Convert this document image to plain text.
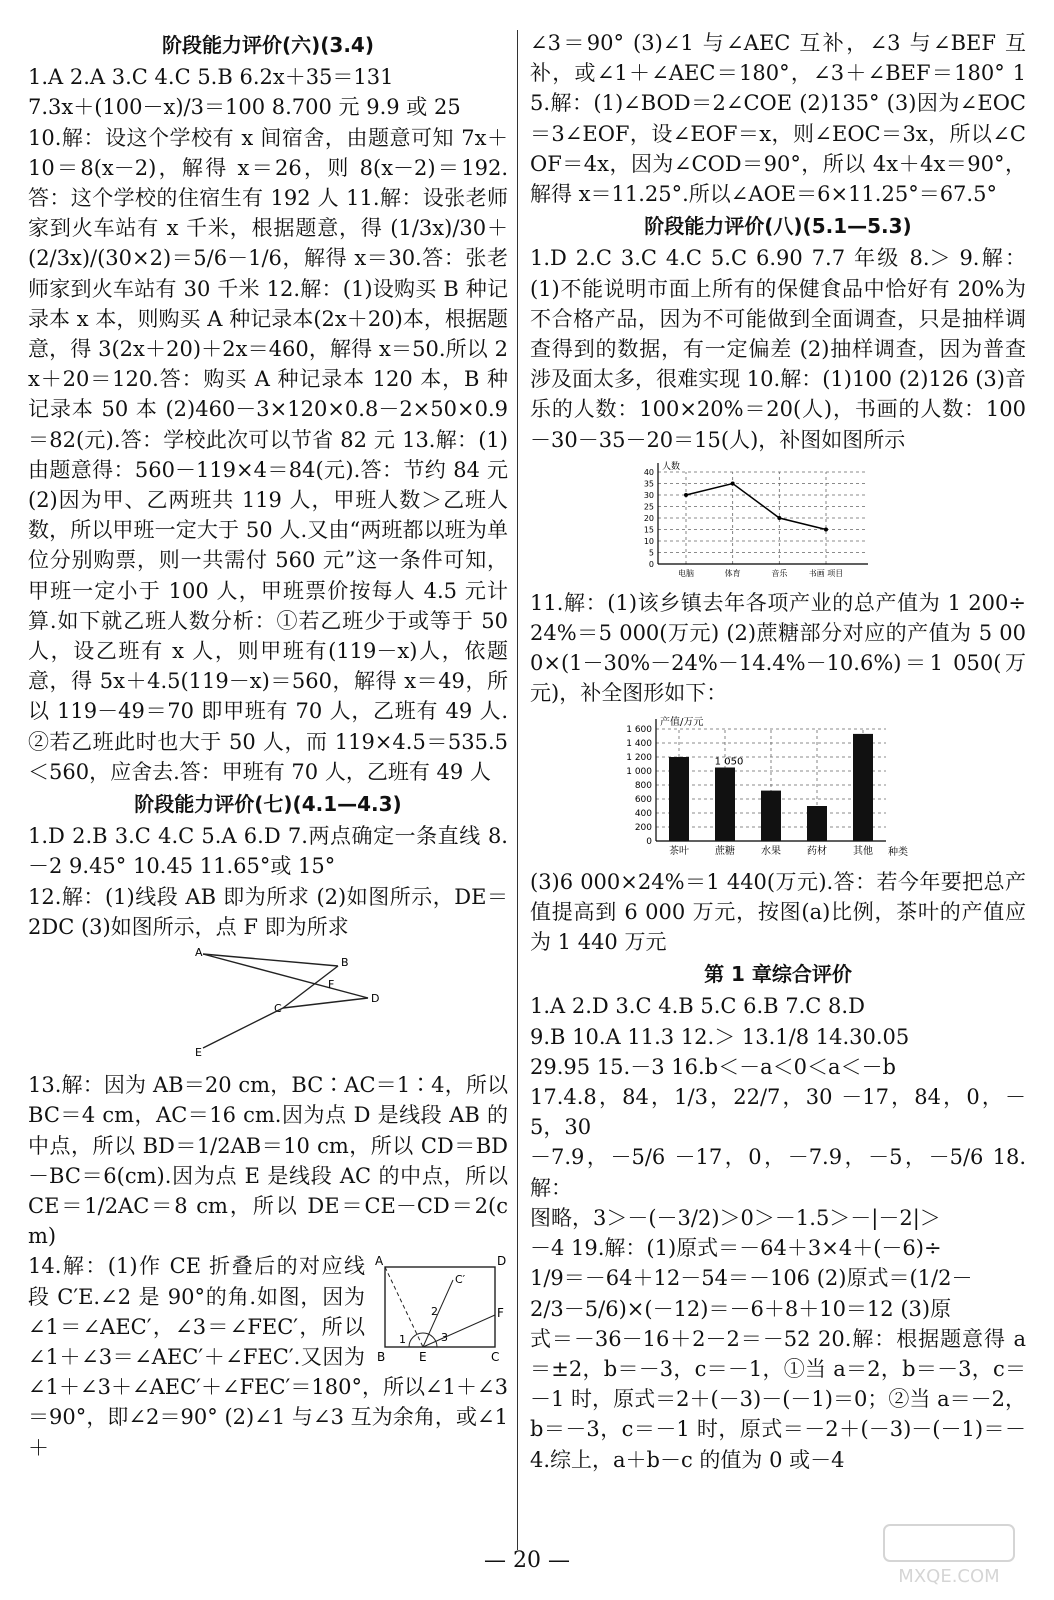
阶段能力评价(六)(3.4)

1.A 2.A 3.C 4.C 5.B 6.2x＋35＝131

7.3x＋(100－x)/3＝100 8.700 元 9.9 或 25

10.解：设这个学校有 x 间宿舍，由题意可知 7x＋10＝8(x－2)，解得 x＝26，则 8(x－2)＝192.答：这个学校的住宿生有 192 人 11.解：设张老师家到火车站有 x 千米，根据题意，得 (1/3x)/30＋(2/3x)/(30×2)＝5/6－1/6，解得 x＝30.答：张老师家到火车站有 30 千米 12.解：(1)设购买 B 种记录本 x 本，则购买 A 种记录本(2x＋20)本，根据题意，得 3(2x＋20)＋2x＝460，解得 x＝50.所以 2x＋20＝120.答：购买 A 种记录本 120 本，B 种记录本 50 本 (2)460－3×120×0.8－2×50×0.9＝82(元).答：学校此次可以节省 82 元 13.解：(1)由题意得：560－119×4＝84(元).答：节约 84 元 (2)因为甲、乙两班共 119 人，甲班人数＞乙班人数，所以甲班一定大于 50 人.又由“两班都以班为单位分别购票，则一共需付 560 元”这一条件可知，甲班一定小于 100 人，甲班票价按每人 4.5 元计算.如下就乙班人数分析：①若乙班少于或等于 50 人，设乙班有 x 人，则甲班有(119－x)人，依题意，得 5x＋4.5(119－x)＝560，解得 x＝49，所以 119－49＝70 即甲班有 70 人，乙班有 49 人.②若乙班此时也大于 50 人，而 119×4.5＝535.5＜560，应舍去.答：甲班有 70 人，乙班有 49 人

阶段能力评价(七)(4.1—4.3)

1.D 2.B 3.C 4.C 5.A 6.D 7.两点确定一条直线 8.－2 9.45° 10.45 11.65°或 15°

12.解：(1)线段 AB 即为所求 (2)如图所示，DE＝2DC (3)如图所示，点 F 即为所求

A
B
F
C
D
E

13.解：因为 AB＝20 cm，BC∶AC＝1∶4，所以 BC＝4 cm，AC＝16 cm.因为点 D 是线段 AB 的中点，所以 BD＝1/2AB＝10 cm，所以 CD＝BD－BC＝6(cm).因为点 E 是线段 AC 的中点，所以 CE＝1/2AC＝8 cm，所以 DE＝CE－CD＝2(cm)

A	D
C′
2	F
1	3
B	E	C

14.解：(1)作 CE 折叠后的对应线段 C′E.∠2 是 90°的角.如图，因为∠1＝∠AEC′，∠3＝∠FEC′，所以∠1＋∠3＝∠AEC′＋∠FEC′.又因为∠1＋∠3＋∠AEC′＋∠FEC′＝180°，所以∠1＋∠3＝90°，即∠2＝90° (2)∠1 与∠3 互为余角，或∠1＋

∠3＝90° (3)∠1 与∠AEC 互补，∠3 与∠BEF 互补，或∠1＋∠AEC＝180°，∠3＋∠BEF＝180° 15.解：(1)∠BOD＝2∠COE (2)135° (3)因为∠EOC＝3∠EOF，设∠EOF＝x，则∠EOC＝3x，所以∠COF＝4x，因为∠COD＝90°，所以 4x＋4x＝90°，解得 x＝11.25°.所以∠AOE＝6×11.25°＝67.5°

阶段能力评价(八)(5.1—5.3)

1.D 2.C 3.C 4.C 5.C 6.90 7.7 年级 8.＞ 9.解：(1)不能说明市面上所有的保健食品中恰好有 20%为不合格产品，因为不可能做到全面调查，只是抽样调查得到的数据，有一定偏差 (2)抽样调查，因为普查涉及面太多，很难实现 10.解：(1)100 (2)126 (3)音乐的人数：100×20%＝20(人)，书画的人数：100－30－35－20＝15(人)，补图如图所示

0
5
10
15
20
25
30
35
40
电脑	体育	音乐	书画 项目
人数

11.解：(1)该乡镇去年各项产业的总产值为 1 200÷24%＝5 000(万元) (2)蔗糖部分对应的产值为 5 000×(1－30%－24%－14.4%－10.6%)＝1 050(万元)，补全图形如下：

0
200
400
600
800
1 000
1 200
1 400
1 600
产值/万元
种类
茶叶	蔗糖
1 050
水果	药材	其他

(3)6 000×24%＝1 440(万元).答：若今年要把总产值提高到 6 000 万元，按图(a)比例，茶叶的产值应为 1 440 万元

第 1 章综合评价

1.A 2.D 3.C 4.B 5.C 6.B 7.C 8.D

9.B 10.A 11.3 12.＞ 13.1/8 14.30.05

29.95 15.－3 16.b＜－a＜0＜a＜－b

17.4.8，84，1/3，22/7，30 －17，84，0，－5，30

－7.9，－5/6 －17，0，－7.9，－5，－5/6 18.解：

图略，3＞－(－3/2)＞0＞－1.5＞－|－2|＞

－4 19.解：(1)原式＝－64＋3×4＋(－6)÷

1/9＝－64＋12－54＝－106 (2)原式＝(1/2－

2/3－5/6)×(－12)＝－6＋8＋10＝12 (3)原

式＝－36－16＋2－2＝－52 20.解：根据题意得 a＝±2，b＝－3，c＝－1，①当 a＝2，b＝－3，c＝－1 时，原式＝2＋(－3)－(－1)＝0；②当 a＝－2，b＝－3，c＝－1 时，原式＝－2＋(－3)－(－1)＝－4.综上，a＋b－c 的值为 0 或－4

— 20 —
MXQE.COM
